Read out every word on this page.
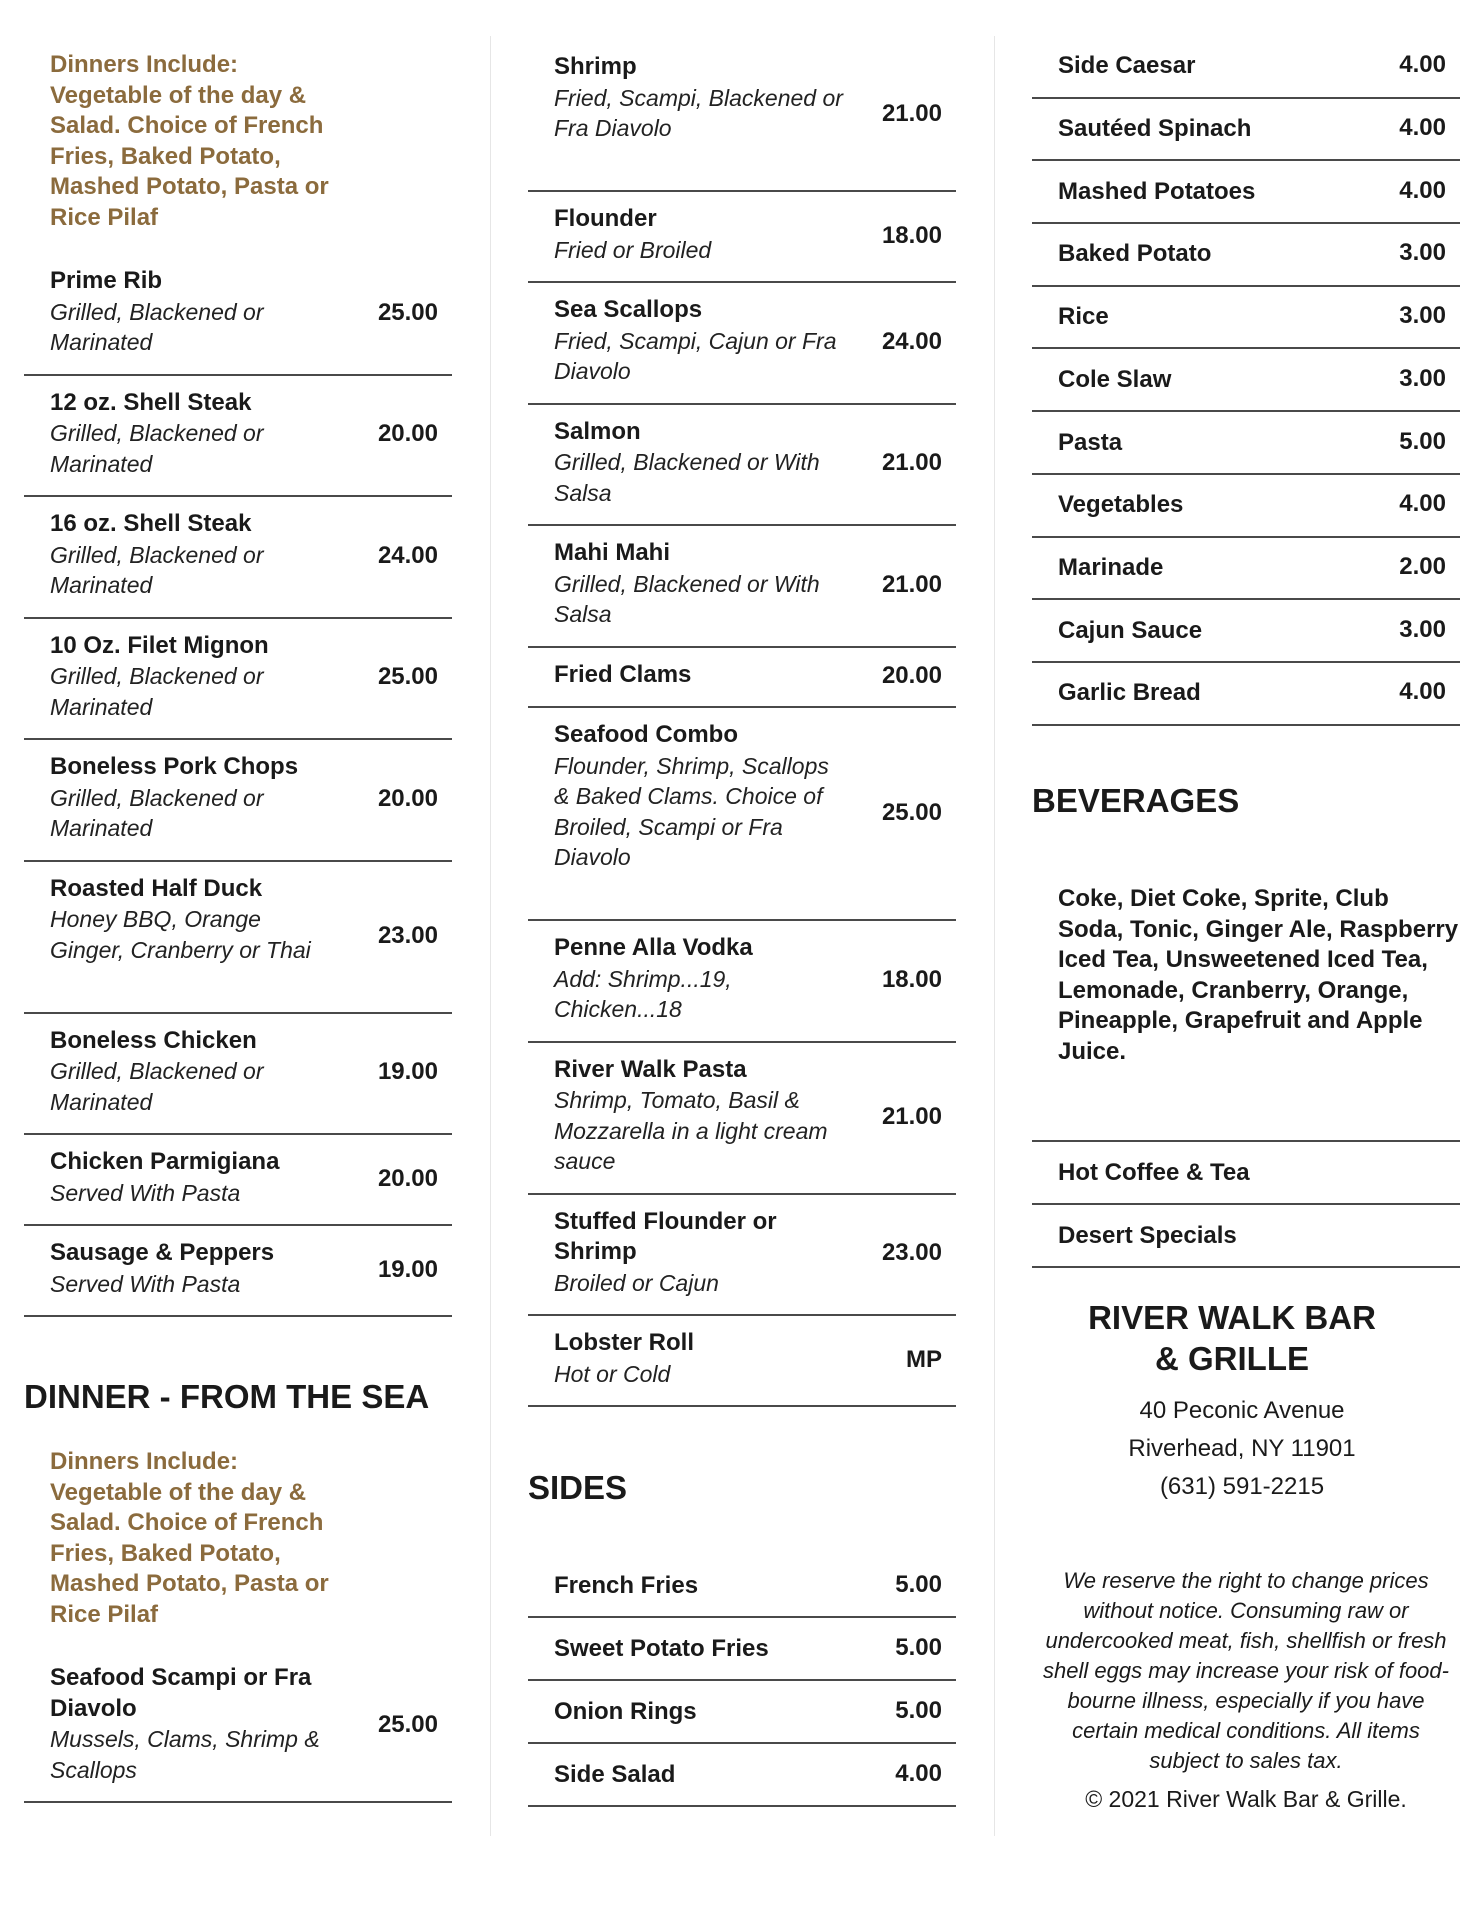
Dinners Include: Vegetable of the day & Salad. Choice of French Fries, Baked Potato, Mashed Potato, Pasta or Rice Pilaf
Prime Rib
Grilled, Blackened or Marinated
25.00
12 oz. Shell Steak
Grilled, Blackened or Marinated
20.00
16 oz. Shell Steak
Grilled, Blackened or Marinated
24.00
10 Oz. Filet Mignon
Grilled, Blackened or Marinated
25.00
Boneless Pork Chops
Grilled, Blackened or Marinated
20.00
Roasted Half Duck
Honey BBQ, Orange Ginger, Cranberry or Thai
23.00
Boneless Chicken
Grilled, Blackened or Marinated
19.00
Chicken Parmigiana
Served With Pasta
20.00
Sausage & Peppers
Served With Pasta
19.00
DINNER - FROM THE SEA
Dinners Include: Vegetable of the day & Salad. Choice of French Fries, Baked Potato, Mashed Potato, Pasta or Rice Pilaf
Seafood Scampi or Fra Diavolo
Mussels, Clams, Shrimp & Scallops
25.00
Shrimp
Fried, Scampi, Blackened or Fra Diavolo
21.00
Flounder
Fried or Broiled
18.00
Sea Scallops
Fried, Scampi, Cajun or Fra Diavolo
24.00
Salmon
Grilled, Blackened or With Salsa
21.00
Mahi Mahi
Grilled, Blackened or With Salsa
21.00
Fried Clams	20.00
Seafood Combo
Flounder, Shrimp, Scallops & Baked Clams. Choice of Broiled, Scampi or Fra Diavolo
25.00
Penne Alla Vodka
Add: Shrimp...19, Chicken...18
18.00
River Walk Pasta
Shrimp, Tomato, Basil & Mozzarella in a light cream sauce
21.00
Stuffed Flounder or Shrimp
Broiled or Cajun
23.00
Lobster Roll
Hot or Cold
MP
SIDES
French Fries	5.00
Sweet Potato Fries	5.00
Onion Rings	5.00
Side Salad	4.00
Side Caesar	4.00
Sautéed Spinach	4.00
Mashed Potatoes	4.00
Baked Potato	3.00
Rice	3.00
Cole Slaw	3.00
Pasta	5.00
Vegetables	4.00
Marinade	2.00
Cajun Sauce	3.00
Garlic Bread	4.00
BEVERAGES
Coke, Diet Coke, Sprite, Club Soda, Tonic, Ginger Ale, Raspberry Iced Tea, Unsweetened Iced Tea, Lemonade, Cranberry, Orange, Pineapple, Grapefruit and Apple Juice.
Hot Coffee & Tea
Desert Specials
RIVER WALK BAR & GRILLE
40 Peconic Avenue
Riverhead, NY 11901
(631) 591-2215
We reserve the right to change prices without notice. Consuming raw or undercooked meat, fish, shellfish or fresh shell eggs may increase your risk of food-bourne illness, especially if you have certain medical conditions. All items subject to sales tax.
© 2021 River Walk Bar & Grille.
